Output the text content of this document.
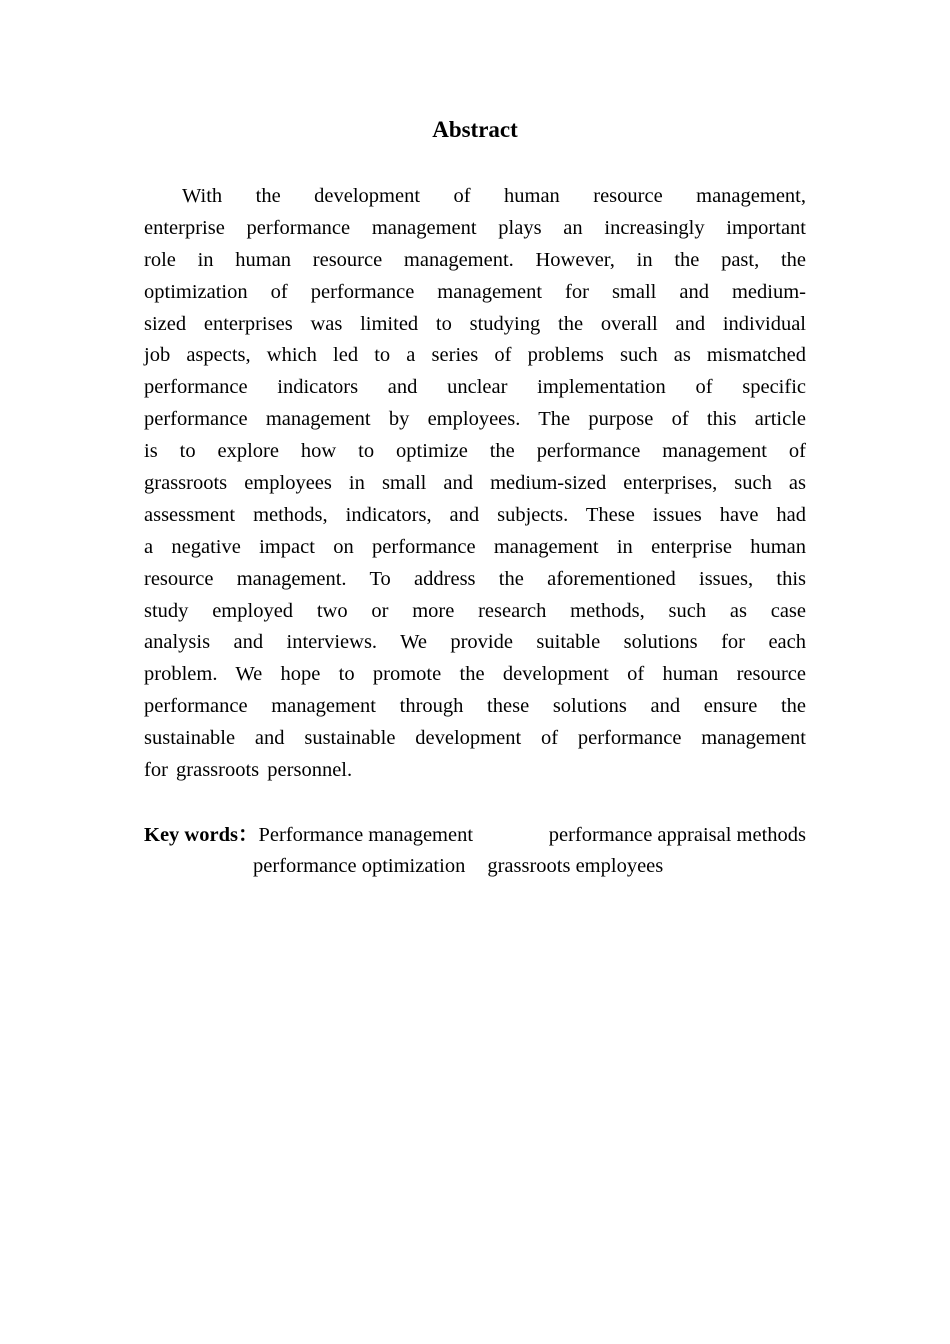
Abstract
With the development of human resource management,
enterprise performance management plays an increasingly important
role in human resource management. However, in the past, the
optimization of performance management for small and medium-
sized enterprises was limited to studying the overall and individual
job aspects, which led to a series of problems such as mismatched
performance indicators and unclear implementation of specific
performance management by employees. The purpose of this article
is to explore how to optimize the performance management of
grassroots employees in small and medium-sized enterprises, such as
assessment methods, indicators, and subjects. These issues have had
a negative impact on performance management in enterprise human
resource management. To address the aforementioned issues, this
study employed two or more research methods, such as case
analysis and interviews. We provide suitable solutions for each
problem. We hope to promote the development of human resource
performance management through these solutions and ensure the
sustainable and sustainable development of performance management
for grassroots personnel.
Key words：Performance management	performance appraisal methods
performance optimization grassroots employees
